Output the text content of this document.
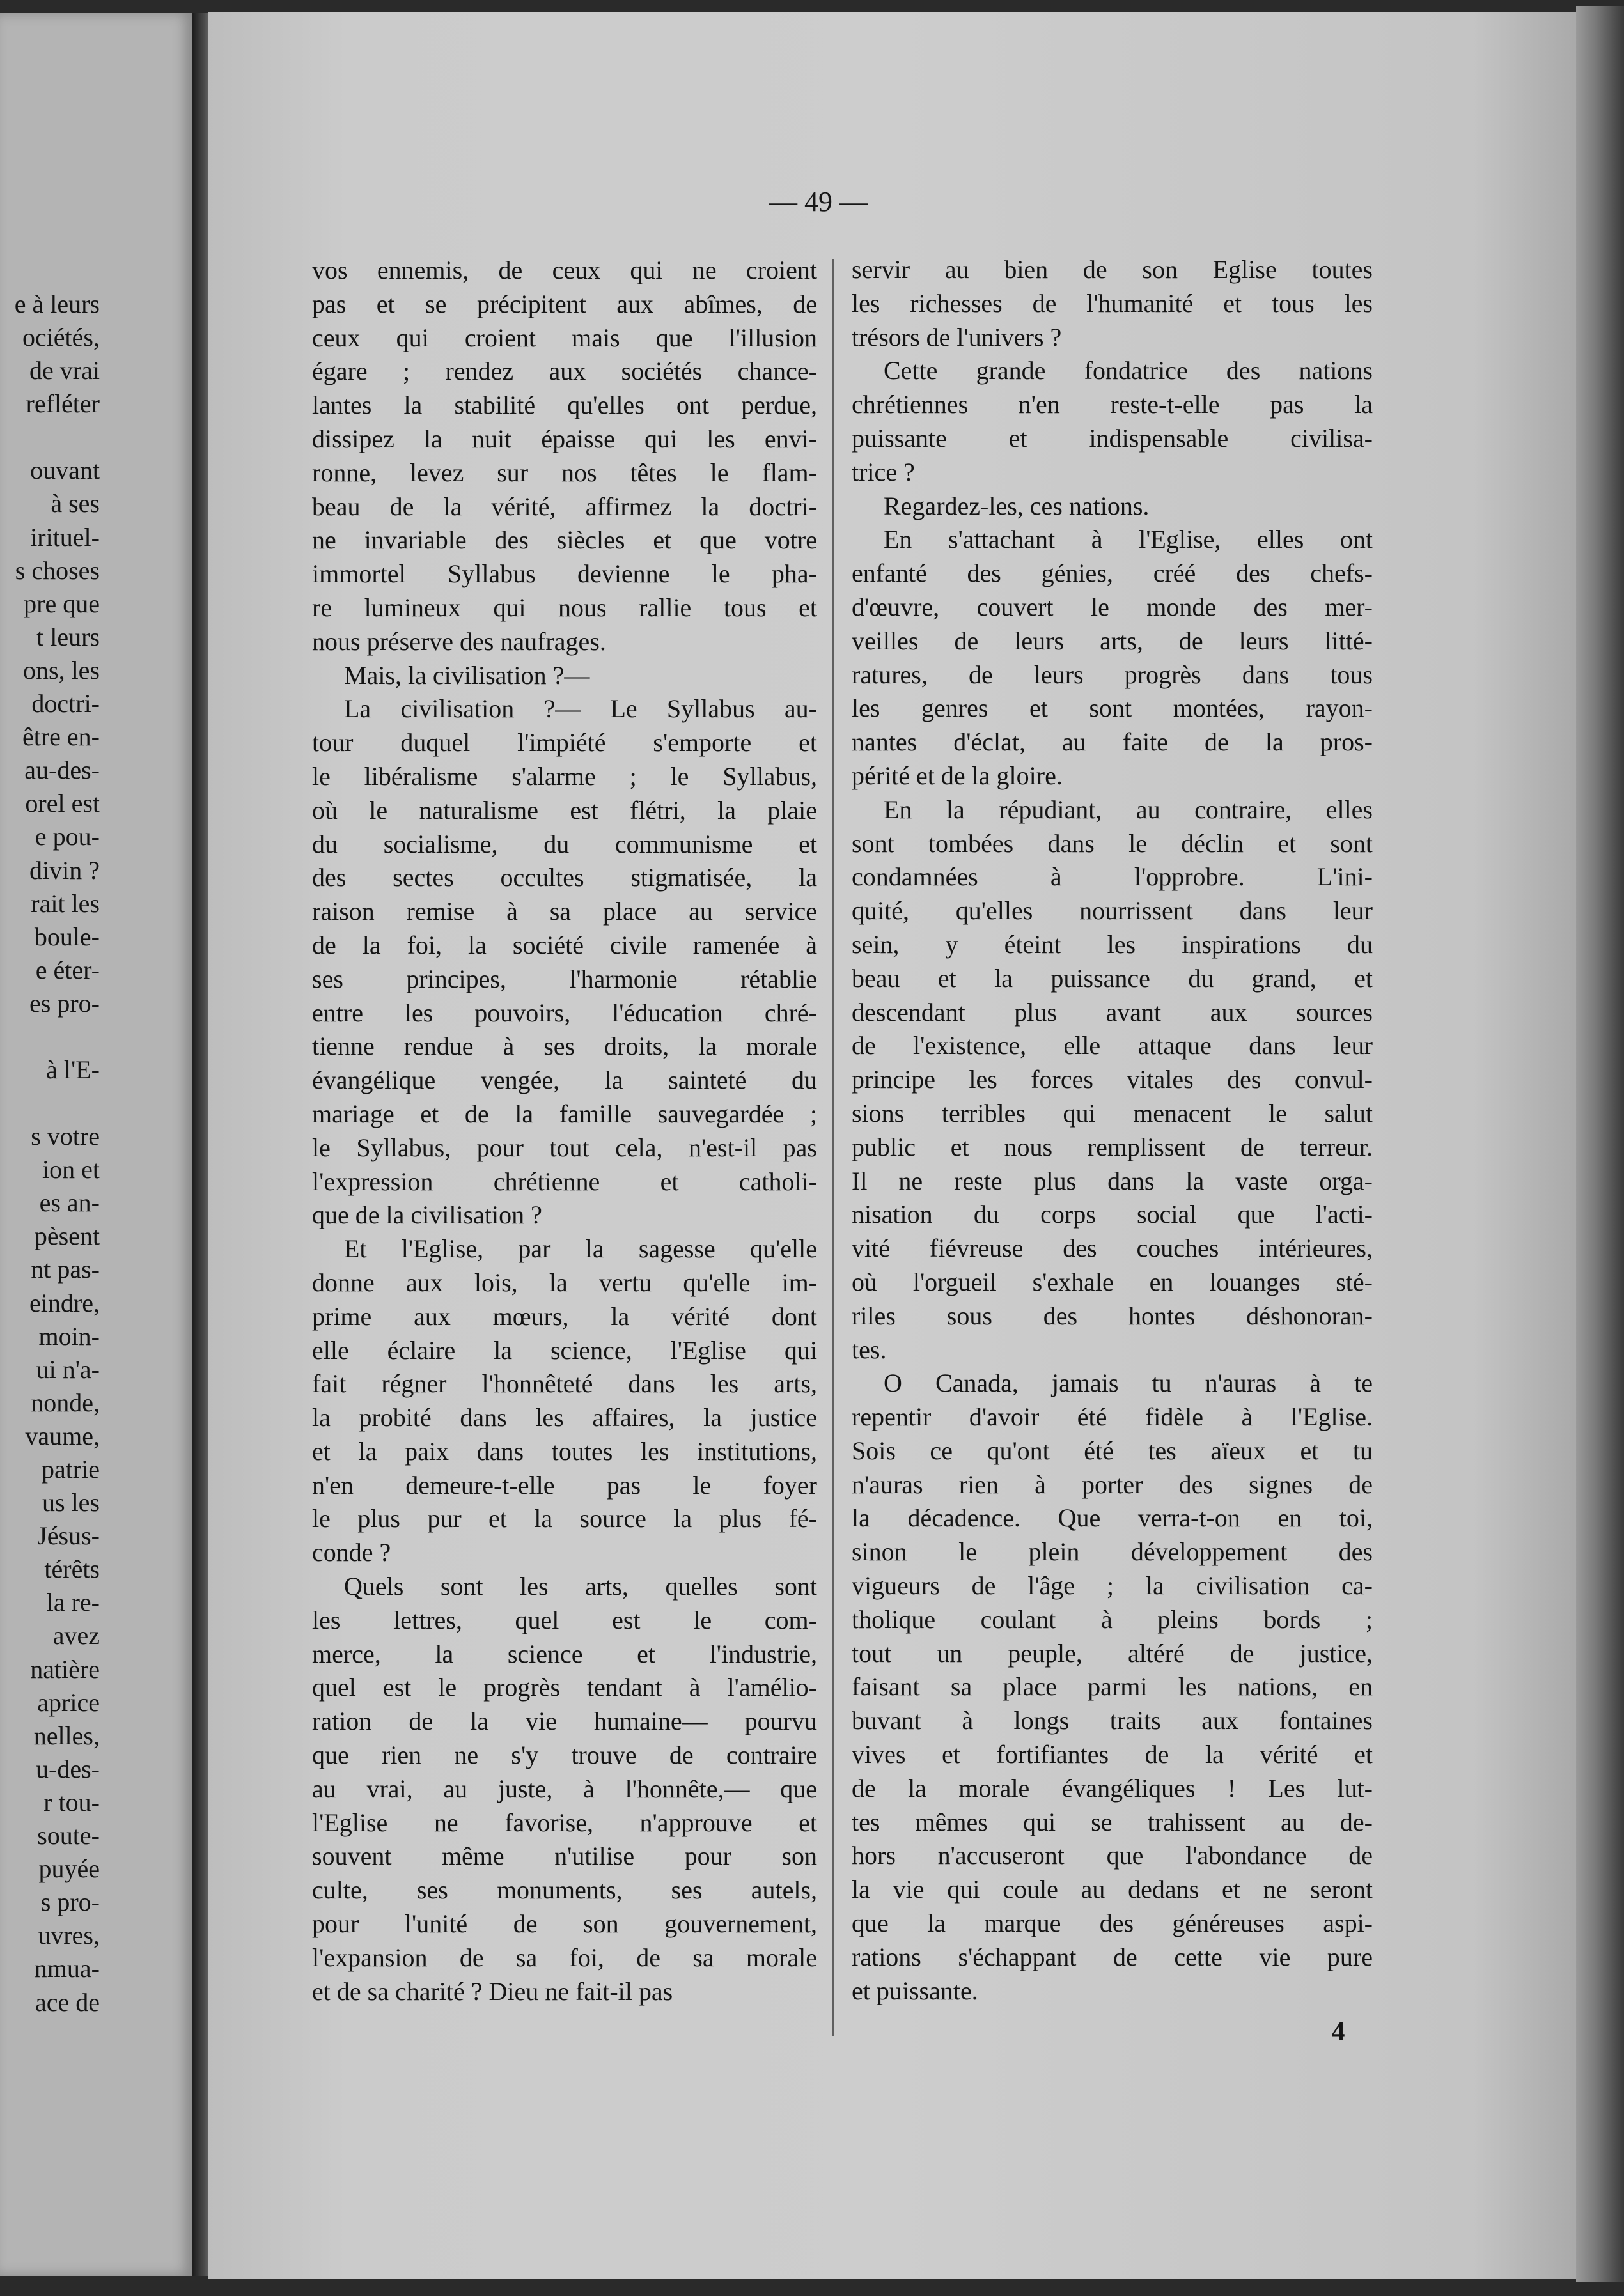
e à leurs
ociétés,
de vrai
refléter

ouvant
à ses
irituel-
s choses
pre que
t leurs
ons, les
doctri-
être en-
au-des-
orel est
e pou-
divin ?
rait les
boule-
e éter-
es pro-

à l'E-

s votre
ion et
es an-
pèsent
nt pas-
eindre,
moin-
ui n'a-
nonde,
vaume,
patrie
us les
Jésus-
térêts
la re-
avez
natière
aprice
nelles,
u-des-
r tou-
soute-
puyée
s pro-
uvres,
nmua-
ace de
— 49 —
vos ennemis, de ceux qui ne croient
pas et se précipitent aux abîmes, de
ceux qui croient mais que l'illusion
égare ; rendez aux sociétés chance-
lantes la stabilité qu'elles ont perdue,
dissipez la nuit épaisse qui les envi-
ronne, levez sur nos têtes le flam-
beau de la vérité, affirmez la doctri-
ne invariable des siècles et que votre
immortel Syllabus devienne le pha-
re lumineux qui nous rallie tous et
nous préserve des naufrages.
Mais, la civilisation ?—
La civilisation ?— Le Syllabus au-
tour duquel l'impiété s'emporte et
le libéralisme s'alarme ; le Syllabus,
où le naturalisme est flétri, la plaie
du socialisme, du communisme et
des sectes occultes stigmatisée, la
raison remise à sa place au service
de la foi, la société civile ramenée à
ses principes, l'harmonie rétablie
entre les pouvoirs, l'éducation chré-
tienne rendue à ses droits, la morale
évangélique vengée, la sainteté du
mariage et de la famille sauvegardée ;
le Syllabus, pour tout cela, n'est-il pas
l'expression chrétienne et catholi-
que de la civilisation ?
Et l'Eglise, par la sagesse qu'elle
donne aux lois, la vertu qu'elle im-
prime aux mœurs, la vérité dont
elle éclaire la science, l'Eglise qui
fait régner l'honnêteté dans les arts,
la probité dans les affaires, la justice
et la paix dans toutes les institutions,
n'en demeure-t-elle pas le foyer
le plus pur et la source la plus fé-
conde ?
Quels sont les arts, quelles sont
les lettres, quel est le com-
merce, la science et l'industrie,
quel est le progrès tendant à l'amélio-
ration de la vie humaine— pourvu
que rien ne s'y trouve de contraire
au vrai, au juste, à l'honnête,— que
l'Eglise ne favorise, n'approuve et
souvent même n'utilise pour son
culte, ses monuments, ses autels,
pour l'unité de son gouvernement,
l'expansion de sa foi, de sa morale
et de sa charité ? Dieu ne fait-il pas
servir au bien de son Eglise toutes
les richesses de l'humanité et tous les
trésors de l'univers ?
Cette grande fondatrice des nations
chrétiennes n'en reste-t-elle pas la
puissante et indispensable civilisa-
trice ?
Regardez-les, ces nations.
En s'attachant à l'Eglise, elles ont
enfanté des génies, créé des chefs-
d'œuvre, couvert le monde des mer-
veilles de leurs arts, de leurs litté-
ratures, de leurs progrès dans tous
les genres et sont montées, rayon-
nantes d'éclat, au faite de la pros-
périté et de la gloire.
En la répudiant, au contraire, elles
sont tombées dans le déclin et sont
condamnées à l'opprobre. L'ini-
quité, qu'elles nourrissent dans leur
sein, y éteint les inspirations du
beau et la puissance du grand, et
descendant plus avant aux sources
de l'existence, elle attaque dans leur
principe les forces vitales des convul-
sions terribles qui menacent le salut
public et nous remplissent de terreur.
Il ne reste plus dans la vaste orga-
nisation du corps social que l'acti-
vité fiévreuse des couches intérieures,
où l'orgueil s'exhale en louanges sté-
riles sous des hontes déshonoran-
tes.
O Canada, jamais tu n'auras à te
repentir d'avoir été fidèle à l'Eglise.
Sois ce qu'ont été tes aïeux et tu
n'auras rien à porter des signes de
la décadence. Que verra-t-on en toi,
sinon le plein développement des
vigueurs de l'âge ; la civilisation ca-
tholique coulant à pleins bords ;
tout un peuple, altéré de justice,
faisant sa place parmi les nations, en
buvant à longs traits aux fontaines
vives et fortifiantes de la vérité et
de la morale évangéliques ! Les lut-
tes mêmes qui se trahissent au de-
hors n'accuseront que l'abondance de
la vie qui coule au dedans et ne seront
que la marque des généreuses aspi-
rations s'échappant de cette vie pure
et puissante.
4
